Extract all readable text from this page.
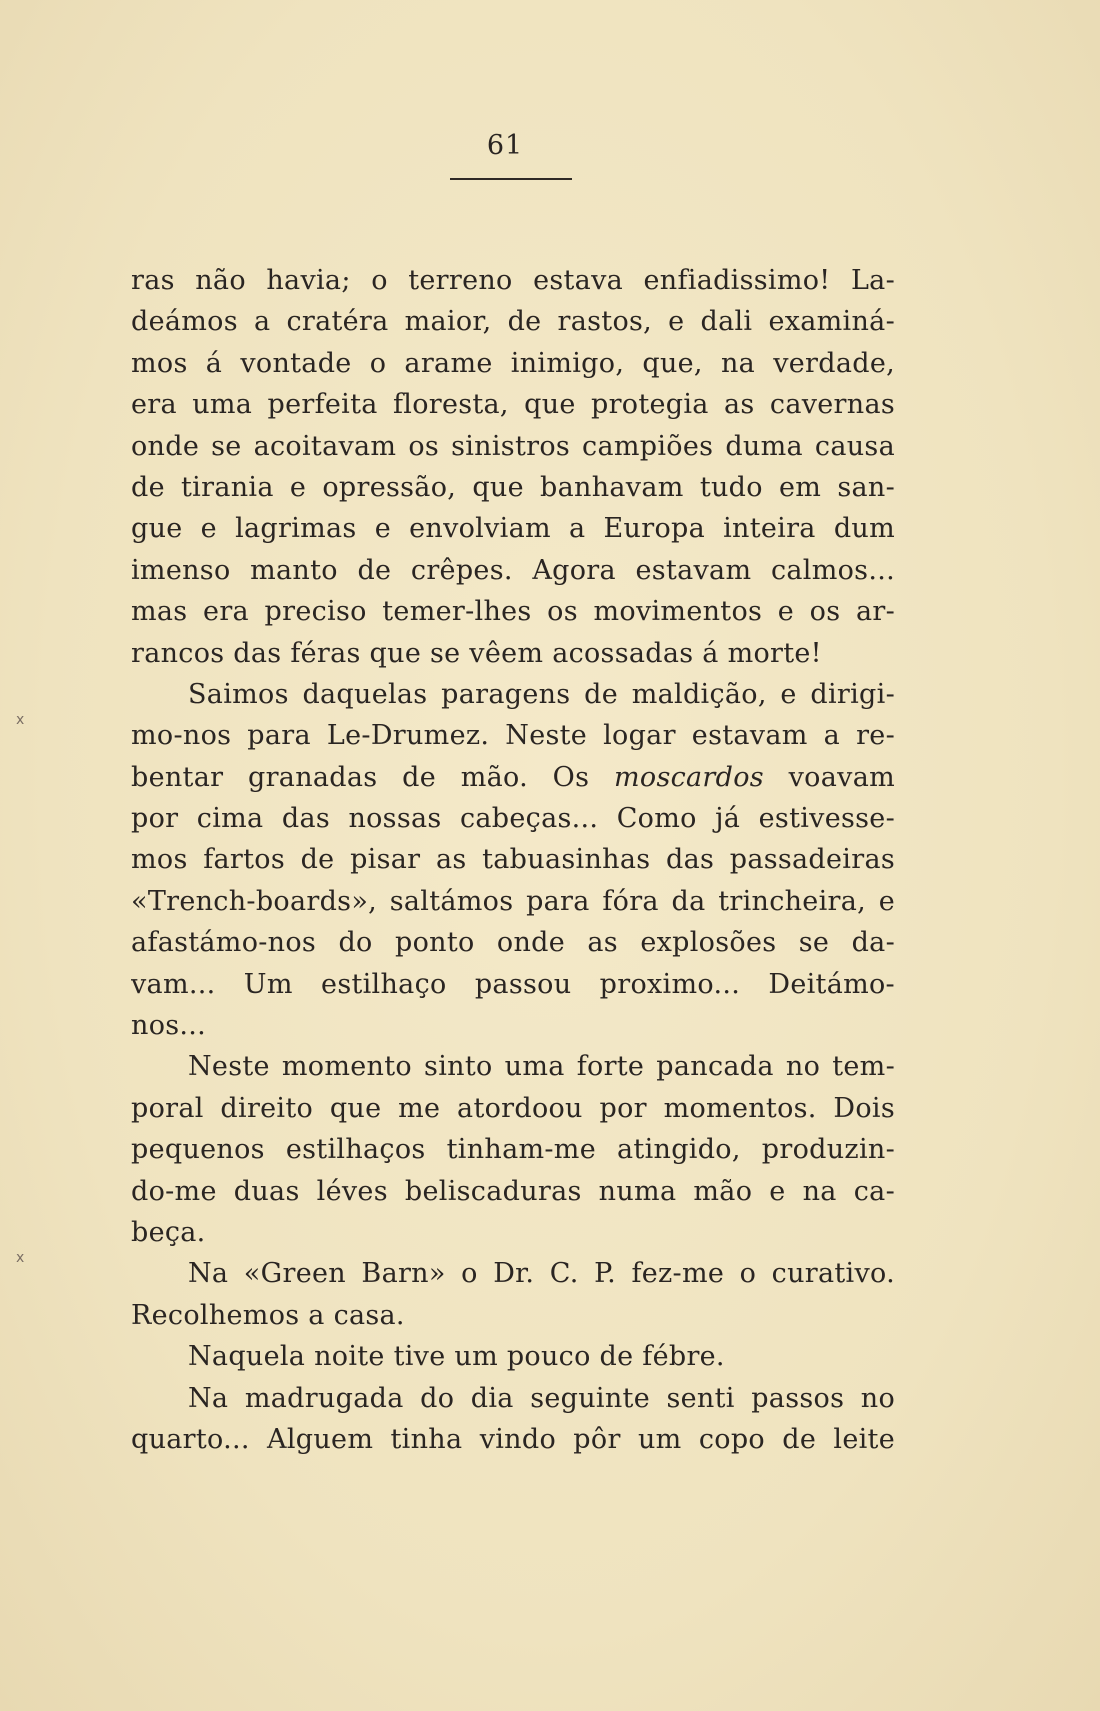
61
x
x
ras não havia; o terreno estava enfiadissimo! La-
deámos a cratéra maior, de rastos, e dali examiná-
mos á vontade o arame inimigo, que, na verdade,
era uma perfeita floresta, que protegia as cavernas
onde se acoitavam os sinistros campiões duma causa
de tirania e opressão, que banhavam tudo em san-
gue e lagrimas e envolviam a Europa inteira dum
imenso manto de crêpes. Agora estavam calmos...
mas era preciso temer-lhes os movimentos e os ar-
rancos das féras que se vêem acossadas á morte!
Saimos daquelas paragens de maldição, e dirigi-
mo-nos para Le-Drumez. Neste logar estavam a re-
bentar granadas de mão. Os moscardos voavam
por cima das nossas cabeças... Como já estivesse-
mos fartos de pisar as tabuasinhas das passadeiras
«Trench-boards», saltámos para fóra da trincheira, e
afastámo-nos do ponto onde as explosões se da-
vam... Um estilhaço passou proximo... Deitámo-
nos...
Neste momento sinto uma forte pancada no tem-
poral direito que me atordoou por momentos. Dois
pequenos estilhaços tinham-me atingido, produzin-
do-me duas léves beliscaduras numa mão e na ca-
beça.
Na «Green Barn» o Dr. C. P. fez-me o curativo.
Recolhemos a casa.
Naquela noite tive um pouco de fébre.
Na madrugada do dia seguinte senti passos no
quarto... Alguem tinha vindo pôr um copo de leite
